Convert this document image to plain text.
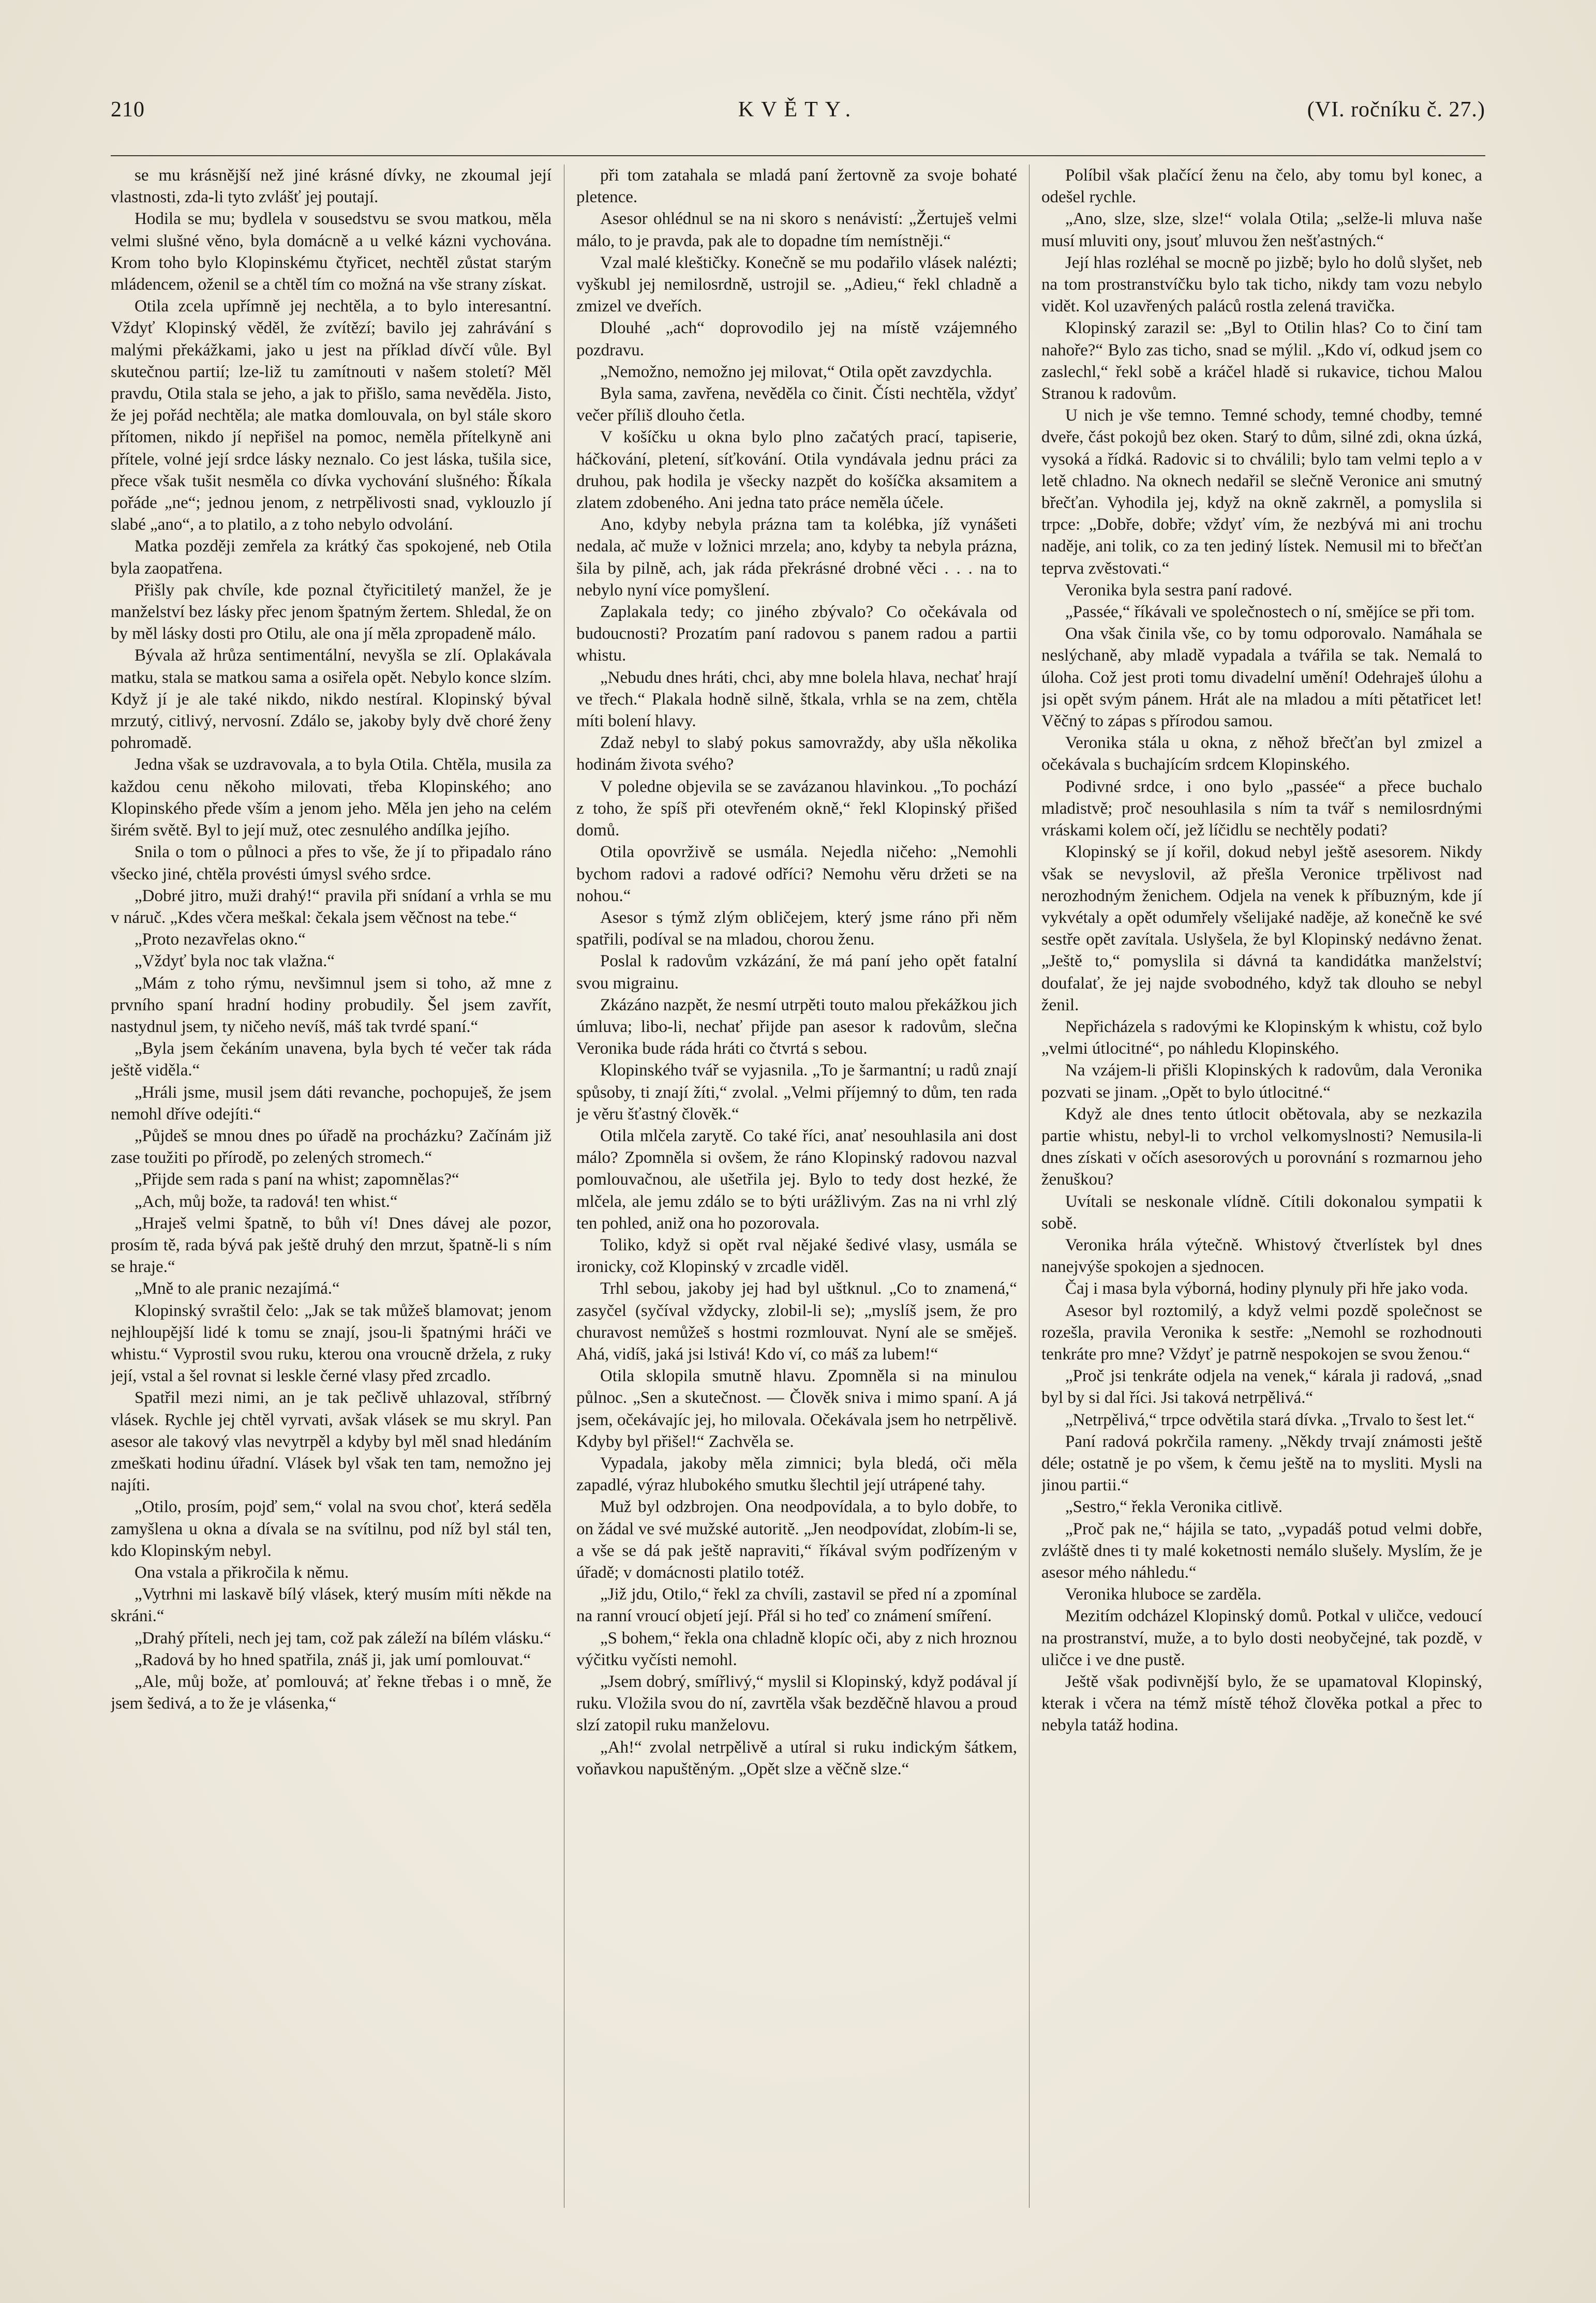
210	KVĚTY.	(VI. ročníku č. 27.)

se mu krásnější než jiné krásné dívky, ne zkoumal její vlastnosti, zda-li tyto zvlášť jej poutají.

Hodila se mu; bydlela v sousedstvu se svou matkou, měla velmi slušné věno, byla domácně a u velké kázni vychována. Krom toho bylo Klopinskému čtyřicet, nechtěl zůstat starým mládencem, oženil se a chtěl tím co možná na vše strany získat.

Otila zcela upřímně jej nechtěla, a to bylo interesantní. Vždyť Klopinský věděl, že zvítězí; bavilo jej zahrávání s malými překážkami, jako u jest na příklad dívčí vůle. Byl skutečnou partií; lze-liž tu zamítnouti v našem století? Měl pravdu, Otila stala se jeho, a jak to přišlo, sama nevěděla. Jisto, že jej pořád nechtěla; ale matka domlouvala, on byl stále skoro přítomen, nikdo jí nepřišel na pomoc, neměla přítelkyně ani přítele, volné její srdce lásky neznalo. Co jest láska, tušila sice, přece však tušit nesměla co dívka vychování slušného: Říkala pořáde „ne“; jednou jenom, z netrpělivosti snad, vyklouzlo jí slabé „ano“, a to platilo, a z toho nebylo odvolání.

Matka později zemřela za krátký čas spokojené, neb Otila byla zaopatřena.

Přišly pak chvíle, kde poznal čtyřicitiletý manžel, že je manželství bez lásky přec jenom špatným žertem. Shledal, že on by měl lásky dosti pro Otilu, ale ona jí měla zpropadeně málo.

Bývala až hrůza sentimentální, nevyšla se zlí. Oplakávala matku, stala se matkou sama a osiřela opět. Nebylo konce slzím. Když jí je ale také nikdo, nikdo nestíral. Klopinský býval mrzutý, citlivý, nervosní. Zdálo se, jakoby byly dvě choré ženy pohromadě.

Jedna však se uzdravovala, a to byla Otila. Chtěla, musila za každou cenu někoho milovati, třeba Klopinského; ano Klopinského přede vším a jenom jeho. Měla jen jeho na celém širém světě. Byl to její muž, otec zesnulého andílka jejího.

Snila o tom o půlnoci a přes to vše, že jí to připadalo ráno všecko jiné, chtěla provésti úmysl svého srdce.

„Dobré jitro, muži drahý!“ pravila při snídaní a vrhla se mu v náruč. „Kdes včera meškal: čekala jsem věčnost na tebe.“

„Proto nezavřelas okno.“

„Vždyť byla noc tak vlažna.“

„Mám z toho rýmu, nevšimnul jsem si toho, až mne z prvního spaní hradní hodiny probudily. Šel jsem zavřít, nastydnul jsem, ty ničeho nevíš, máš tak tvrdé spaní.“

„Byla jsem čekáním unavena, byla bych té večer tak ráda ještě viděla.“

„Hráli jsme, musil jsem dáti revanche, pochopuješ, že jsem nemohl dříve odejíti.“

„Půjdeš se mnou dnes po úřadě na procházku? Začínám již zase toužiti po přírodě, po zelených stromech.“

„Přijde sem rada s paní na whist; zapomnělas?“

„Ach, můj bože, ta radová! ten whist.“

„Hraješ velmi špatně, to bůh ví! Dnes dávej ale pozor, prosím tě, rada bývá pak ještě druhý den mrzut, špatně-li s ním se hraje.“

„Mně to ale pranic nezajímá.“

Klopinský svraštil čelo: „Jak se tak můžeš blamovat; jenom nejhloupější lidé k tomu se znají, jsou-li špatnými hráči ve whistu.“ Vyprostil svou ruku, kterou ona vroucně držela, z ruky její, vstal a šel rovnat si leskle černé vlasy před zrcadlo.

Spatřil mezi nimi, an je tak pečlivě uhlazoval, stříbrný vlásek. Rychle jej chtěl vyrvati, avšak vlásek se mu skryl. Pan asesor ale takový vlas nevytrpěl a kdyby byl měl snad hledáním zmeškati hodinu úřadní. Vlásek byl však ten tam, nemožno jej najíti.

„Otilo, prosím, pojď sem,“ volal na svou choť, která seděla zamyšlena u okna a dívala se na svítilnu, pod níž byl stál ten, kdo Klopinským nebyl.

Ona vstala a přikročila k němu.

„Vytrhni mi laskavě bílý vlásek, který musím míti někde na skráni.“

„Drahý příteli, nech jej tam, což pak záleží na bílém vlásku.“

„Radová by ho hned spatřila, znáš ji, jak umí pomlouvat.“

„Ale, můj bože, ať pomlouvá; ať řekne třebas i o mně, že jsem šedivá, a to že je vlásenka,“

při tom zatahala se mladá paní žertovně za svoje bohaté pletence.

Asesor ohlédnul se na ni skoro s nenávistí: „Žertuješ velmi málo, to je pravda, pak ale to dopadne tím nemístněji.“

Vzal malé kleštičky. Konečně se mu podařilo vlásek nalézti; vyškubl jej nemilosrdně, ustrojil se. „Adieu,“ řekl chladně a zmizel ve dveřích.

Dlouhé „ach“ doprovodilo jej na místě vzájemného pozdravu.

„Nemožno, nemožno jej milovat,“ Otila opět zavzdychla.

Byla sama, zavřena, nevěděla co činit. Čísti nechtěla, vždyť večer příliš dlouho četla.

V košíčku u okna bylo plno začatých prací, tapiserie, háčkování, pletení, síťkování. Otila vyndávala jednu práci za druhou, pak hodila je všecky nazpět do košíčka aksamitem a zlatem zdobeného. Ani jedna tato práce neměla účele.

Ano, kdyby nebyla prázna tam ta kolébka, jíž vynášeti nedala, ač muže v ložnici mrzela; ano, kdyby ta nebyla prázna, šila by pilně, ach, jak ráda překrásné drobné věci . . . na to nebylo nyní více pomyšlení.

Zaplakala tedy; co jiného zbývalo? Co očekávala od budoucnosti? Prozatím paní radovou s panem radou a partii whistu.

„Nebudu dnes hráti, chci, aby mne bolela hlava, nechať hrají ve třech.“ Plakala hodně silně, štkala, vrhla se na zem, chtěla míti bolení hlavy.

Zdaž nebyl to slabý pokus samovraždy, aby ušla několika hodinám života svého?

V poledne objevila se se zavázanou hlavinkou. „To pochází z toho, že spíš při otevřeném okně,“ řekl Klopinský přišed domů.

Otila opovrživě se usmála. Nejedla ničeho: „Nemohli bychom radovi a radové odříci? Nemohu věru držeti se na nohou.“

Asesor s týmž zlým obličejem, který jsme ráno při něm spatřili, podíval se na mladou, chorou ženu.

Poslal k radovům vzkázání, že má paní jeho opět fatalní svou migrainu.

Zkázáno nazpět, že nesmí utrpěti touto malou překážkou jich úmluva; libo-li, nechať přijde pan asesor k radovům, slečna Veronika bude ráda hráti co čtvrtá s sebou.

Klopinského tvář se vyjasnila. „To je šarmantní; u radů znají spůsoby, ti znají žíti,“ zvolal. „Velmi příjemný to dům, ten rada je věru šťastný člověk.“

Otila mlčela zarytě. Co také říci, anať nesouhlasila ani dost málo? Zpomněla si ovšem, že ráno Klopinský radovou nazval pomlouvačnou, ale ušetřila jej. Bylo to tedy dost hezké, že mlčela, ale jemu zdálo se to býti urážlivým. Zas na ni vrhl zlý ten pohled, aniž ona ho pozorovala.

Toliko, když si opět rval nějaké šedivé vlasy, usmála se ironicky, což Klopinský v zrcadle viděl.

Trhl sebou, jakoby jej had byl uštknul. „Co to znamená,“ zasyčel (syčíval vždycky, zlobil-li se); „myslíš jsem, že pro churavost nemůžeš s hostmi rozmlouvat. Nyní ale se směješ. Ahá, vidíš, jaká jsi lstivá! Kdo ví, co máš za lubem!“

Otila sklopila smutně hlavu. Zpomněla si na minulou půlnoc. „Sen a skutečnost. — Člověk sniva i mimo spaní. A já jsem, očekávajíc jej, ho milovala. Očekávala jsem ho netrpělivě. Kdyby byl přišel!“ Zachvěla se.

Vypadala, jakoby měla zimnici; byla bledá, oči měla zapadlé, výraz hlubokého smutku šlechtil její utrápené tahy.

Muž byl odzbrojen. Ona neodpovídala, a to bylo dobře, to on žádal ve své mužské autoritě. „Jen neodpovídat, zlobím-li se, a vše se dá pak ještě napraviti,“ říkával svým podřízeným v úřadě; v domácnosti platilo totéž.

„Již jdu, Otilo,“ řekl za chvíli, zastavil se před ní a zpomínal na ranní vroucí objetí její. Přál si ho teď co známení smíření.

„S bohem,“ řekla ona chladně klopíc oči, aby z nich hroznou výčitku vyčísti nemohl.

„Jsem dobrý, smířlivý,“ myslil si Klopinský, když podával jí ruku. Vložila svou do ní, zavrtěla však bezděčně hlavou a proud slzí zatopil ruku manželovu.

„Ah!“ zvolal netrpělivě a utíral si ruku indickým šátkem, voňavkou napuštěným. „Opět slze a věčně slze.“

Políbil však plačící ženu na čelo, aby tomu byl konec, a odešel rychle.

„Ano, slze, slze, slze!“ volala Otila; „selže-li mluva naše musí mluviti ony, jsouť mluvou žen nešťastných.“

Její hlas rozléhal se mocně po jizbě; bylo ho dolů slyšet, neb na tom prostranstvíčku bylo tak ticho, nikdy tam vozu nebylo vidět. Kol uzavřených paláců rostla zelená travička.

Klopinský zarazil se: „Byl to Otilin hlas? Co to činí tam nahoře?“ Bylo zas ticho, snad se mýlil. „Kdo ví, odkud jsem co zaslechl,“ řekl sobě a kráčel hladě si rukavice, tichou Malou Stranou k radovům.

U nich je vše temno. Temné schody, temné chodby, temné dveře, část pokojů bez oken. Starý to dům, silné zdi, okna úzká, vysoká a řídká. Radovic si to chválili; bylo tam velmi teplo a v letě chladno. Na oknech nedařil se slečně Veronice ani smutný břečťan. Vyhodila jej, když na okně zakrněl, a pomyslila si trpce: „Dobře, dobře; vždyť vím, že nezbývá mi ani trochu naděje, ani tolik, co za ten jediný lístek. Nemusil mi to břečťan teprva zvěstovati.“

Veronika byla sestra paní radové.

„Passée,“ říkávali ve společnostech o ní, smějíce se při tom.

Ona však činila vše, co by tomu odporovalo. Namáhala se neslýchaně, aby mladě vypadala a tvářila se tak. Nemalá to úloha. Což jest proti tomu divadelní umění! Odehraješ úlohu a jsi opět svým pánem. Hrát ale na mladou a míti pětatřicet let! Věčný to zápas s přírodou samou.

Veronika stála u okna, z něhož břečťan byl zmizel a očekávala s buchajícím srdcem Klopinského.

Podivné srdce, i ono bylo „passée“ a přece buchalo mladistvě; proč nesouhlasila s ním ta tvář s nemilosrdnými vráskami kolem očí, jež líčidlu se nechtěly podati?

Klopinský se jí kořil, dokud nebyl ještě asesorem. Nikdy však se nevyslovil, až přešla Veronice trpělivost nad nerozhodným ženichem. Odjela na venek k příbuzným, kde jí vykvétaly a opět odumřely všelijaké naděje, až konečně ke své sestře opět zavítala. Uslyšela, že byl Klopinský nedávno ženat. „Ještě to,“ pomyslila si dávná ta kandidátka manželství; doufalať, že jej najde svobodného, když tak dlouho se nebyl ženil.

Nepřicházela s radovými ke Klopinským k whistu, což bylo „velmi útlocitné“, po náhledu Klopinského.

Na vzájem-li přišli Klopinských k radovům, dala Veronika pozvati se jinam. „Opět to bylo útlocitné.“

Když ale dnes tento útlocit obětovala, aby se nezkazila partie whistu, nebyl-li to vrchol velkomyslnosti? Nemusila-li dnes získati v očích asesorových u porovnání s rozmarnou jeho ženuškou?

Uvítali se neskonale vlídně. Cítili dokonalou sympatii k sobě.

Veronika hrála výtečně. Whistový čtverlístek byl dnes nanejvýše spokojen a sjednocen.

Čaj i masa byla výborná, hodiny plynuly při hře jako voda.

Asesor byl roztomilý, a když velmi pozdě společnost se rozešla, pravila Veronika k sestře: „Nemohl se rozhodnouti tenkráte pro mne? Vždyť je patrně nespokojen se svou ženou.“

„Proč jsi tenkráte odjela na venek,“ kárala ji radová, „snad byl by si dal říci. Jsi taková netrpělivá.“

„Netrpělivá,“ trpce odvětila stará dívka. „Trvalo to šest let.“

Paní radová pokrčila rameny. „Někdy trvají známosti ještě déle; ostatně je po všem, k čemu ještě na to mysliti. Mysli na jinou partii.“

„Sestro,“ řekla Veronika citlivě.

„Proč pak ne,“ hájila se tato, „vypadáš potud velmi dobře, zvláště dnes ti ty malé koketnosti nemálo slušely. Myslím, že je asesor mého náhledu.“

Veronika hluboce se zarděla.

Mezitím odcházel Klopinský domů. Potkal v uličce, vedoucí na prostranství, muže, a to bylo dosti neobyčejné, tak pozdě, v uličce i ve dne pustě.

Ještě však podivnější bylo, že se upamatoval Klopinský, kterak i včera na témž místě téhož člověka potkal a přec to nebyla tatáž hodina.
